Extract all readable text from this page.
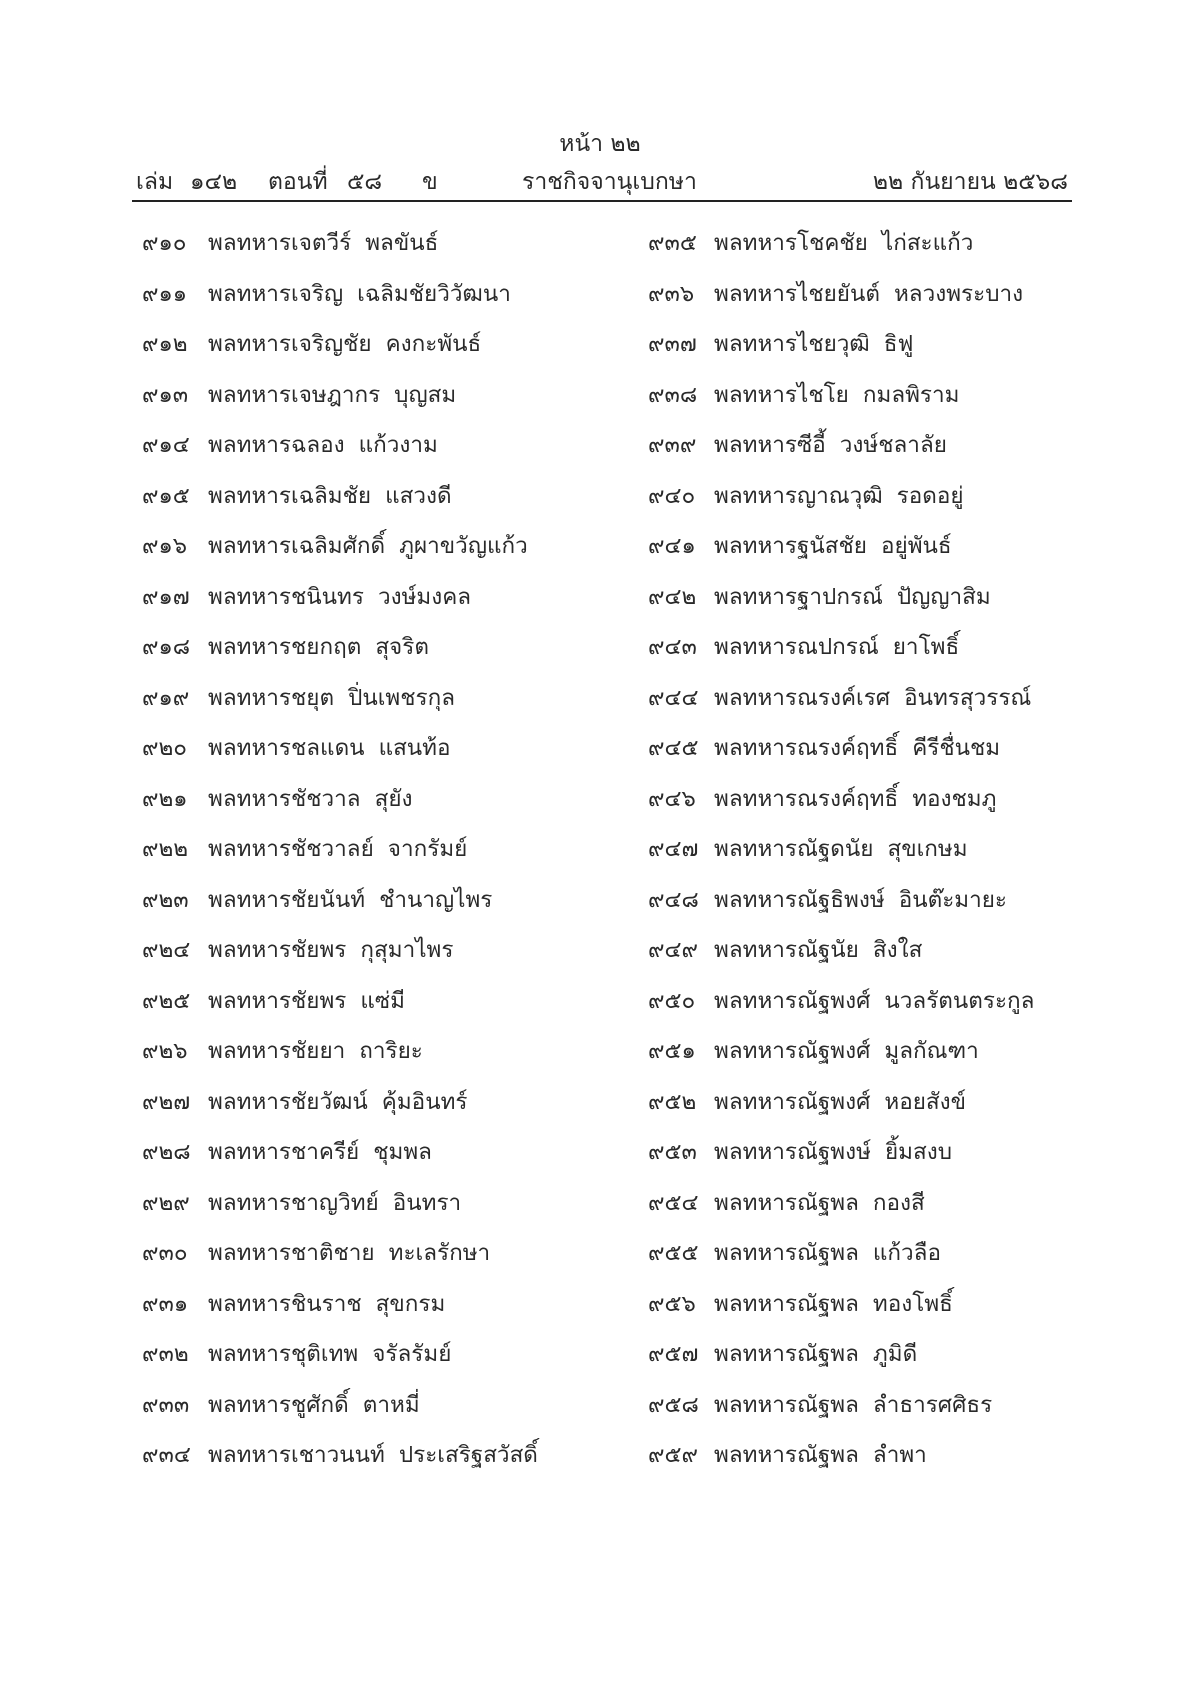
หน้า ๒๒
เล่ม ๑๔๒ ตอนที่ ๕๘ ข	ราชกิจจานุเบกษา	๒๒ กันยายน ๒๕๖๘
๙๑๐ พลทหารเจตวีร์ พลขันธ์
๙๑๑ พลทหารเจริญ เฉลิมชัยวิวัฒนา
๙๑๒ พลทหารเจริญชัย คงกะพันธ์
๙๑๓ พลทหารเจษฎากร บุญสม
๙๑๔ พลทหารฉลอง แก้วงาม
๙๑๕ พลทหารเฉลิมชัย แสวงดี
๙๑๖ พลทหารเฉลิมศักดิ์ ภูผาขวัญแก้ว
๙๑๗ พลทหารชนินทร วงษ์มงคล
๙๑๘ พลทหารชยกฤต สุจริต
๙๑๙ พลทหารชยุต ปิ่นเพชรกุล
๙๒๐ พลทหารชลแดน แสนท้อ
๙๒๑ พลทหารชัชวาล สุยัง
๙๒๒ พลทหารชัชวาลย์ จากรัมย์
๙๒๓ พลทหารชัยนันท์ ชำนาญไพร
๙๒๔ พลทหารชัยพร กุสุมาไพร
๙๒๕ พลทหารชัยพร แซ่มี
๙๒๖ พลทหารชัยยา ถาริยะ
๙๒๗ พลทหารชัยวัฒน์ คุ้มอินทร์
๙๒๘ พลทหารชาครีย์ ชุมพล
๙๒๙ พลทหารชาญวิทย์ อินทรา
๙๓๐ พลทหารชาติชาย ทะเลรักษา
๙๓๑ พลทหารชินราช สุขกรม
๙๓๒ พลทหารชุติเทพ จรัลรัมย์
๙๓๓ พลทหารชูศักดิ์ ตาหมี่
๙๓๔ พลทหารเชาวนนท์ ประเสริฐสวัสดิ์
๙๓๕ พลทหารโชคชัย ไก่สะแก้ว
๙๓๖ พลทหารไชยยันต์ หลวงพระบาง
๙๓๗ พลทหารไชยวุฒิ ธิฟู
๙๓๘ พลทหารไชโย กมลพิราม
๙๓๙ พลทหารซีอี้ วงษ์ชลาลัย
๙๔๐ พลทหารญาณวุฒิ รอดอยู่
๙๔๑ พลทหารฐนัสชัย อยู่พันธ์
๙๔๒ พลทหารฐาปกรณ์ ปัญญาสิม
๙๔๓ พลทหารณปกรณ์ ยาโพธิ์
๙๔๔ พลทหารณรงค์เรศ อินทรสุวรรณ์
๙๔๕ พลทหารณรงค์ฤทธิ์ คีรีชื่นชม
๙๔๖ พลทหารณรงค์ฤทธิ์ ทองชมภู
๙๔๗ พลทหารณัฐดนัย สุขเกษม
๙๔๘ พลทหารณัฐธิพงษ์ อินต๊ะมายะ
๙๔๙ พลทหารณัฐนัย สิงใส
๙๕๐ พลทหารณัฐพงศ์ นวลรัตนตระกูล
๙๕๑ พลทหารณัฐพงศ์ มูลกัณฑา
๙๕๒ พลทหารณัฐพงศ์ หอยสังข์
๙๕๓ พลทหารณัฐพงษ์ ยิ้มสงบ
๙๕๔ พลทหารณัฐพล กองสี
๙๕๕ พลทหารณัฐพล แก้วลือ
๙๕๖ พลทหารณัฐพล ทองโพธิ์
๙๕๗ พลทหารณัฐพล ภูมิดี
๙๕๘ พลทหารณัฐพล ลำธารศศิธร
๙๕๙ พลทหารณัฐพล ลำพา
